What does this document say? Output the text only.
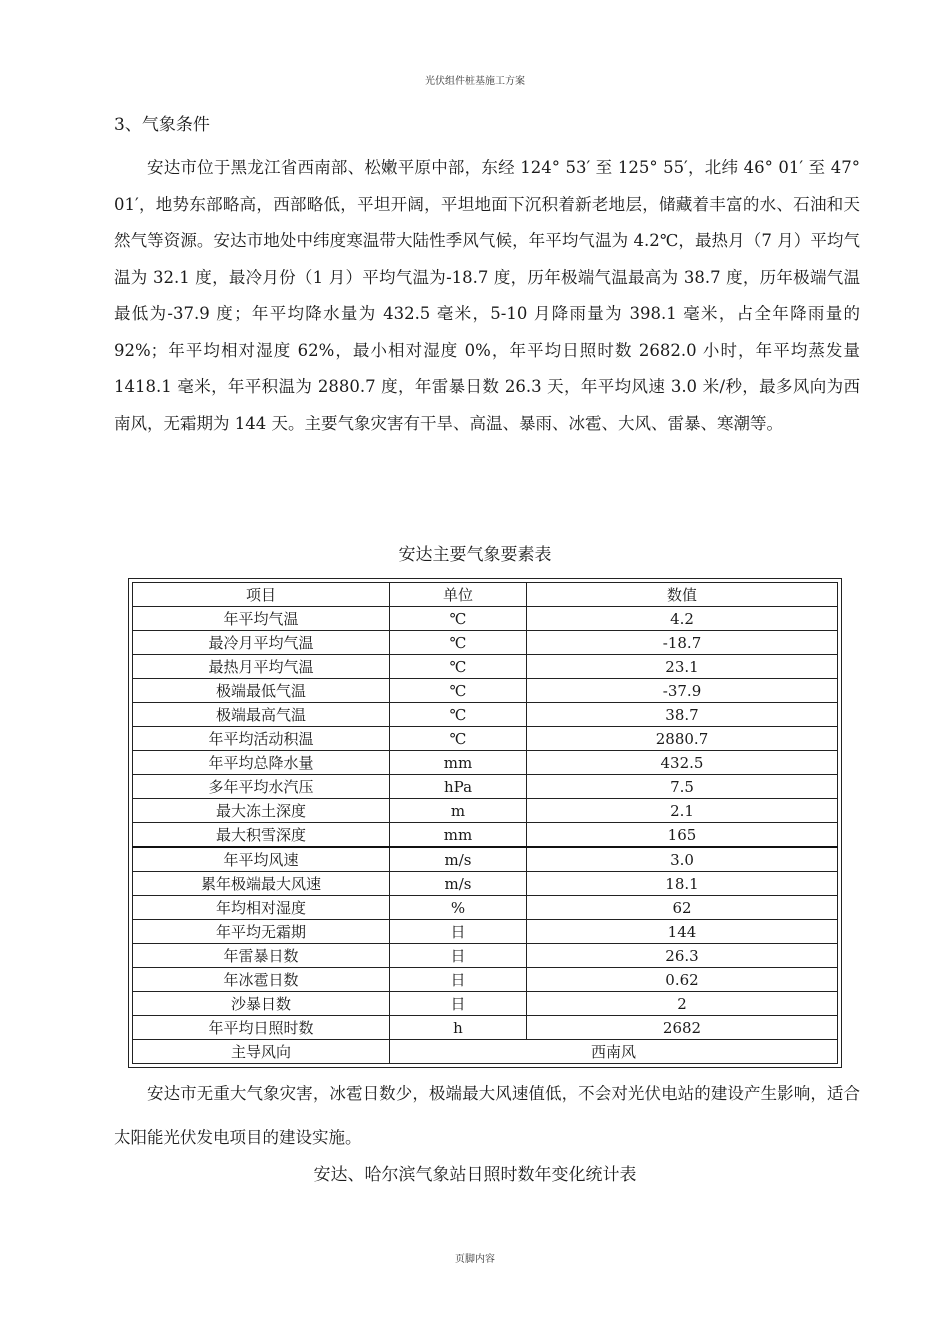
光伏组件桩基施工方案
3、气象条件

安达市位于黑龙江省西南部、松嫩平原中部，东经 124° 53′ 至 125° 55′，北纬 46° 01′ 至 47° 01′，地势东部略高，西部略低，平坦开阔，平坦地面下沉积着新老地层，储藏着丰富的水、石油和天然气等资源。安达市地处中纬度寒温带大陆性季风气候，年平均气温为 4.2℃，最热月（7 月）平均气温为 32.1 度，最冷月份（1 月）平均气温为-18.7 度，历年极端气温最高为 38.7 度，历年极端气温最低为-37.9 度；年平均降水量为 432.5 毫米，5-10 月降雨量为 398.1 毫米，占全年降雨量的 92%；年平均相对湿度 62%，最小相对湿度 0%，年平均日照时数 2682.0 小时，年平均蒸发量 1418.1 毫米，年平积温为 2880.7 度，年雷暴日数 26.3 天，年平均风速 3.0 米/秒，最多风向为西南风，无霜期为 144 天。主要气象灾害有干旱、高温、暴雨、冰雹、大风、雷暴、寒潮等。

安达主要气象要素表
项目	单位	数值
年平均气温	℃	4.2
最冷月平均气温	℃	-18.7
最热月平均气温	℃	23.1
极端最低气温	℃	-37.9
极端最高气温	℃	38.7
年平均活动积温	℃	2880.7
年平均总降水量	mm	432.5
多年平均水汽压	hPa	7.5
最大冻土深度	m	2.1
最大积雪深度	mm	165
年平均风速	m/s	3.0
累年极端最大风速	m/s	18.1
年均相对湿度	%	62
年平均无霜期	日	144
年雷暴日数	日	26.3
年冰雹日数	日	0.62
沙暴日数	日	2
年平均日照时数	h	2682
主导风向	西南风	

安达市无重大气象灾害，冰雹日数少，极端最大风速值低，不会对光伏电站的建设产生影响，适合太阳能光伏发电项目的建设实施。

安达、哈尔滨气象站日照时数年变化统计表
页脚内容
